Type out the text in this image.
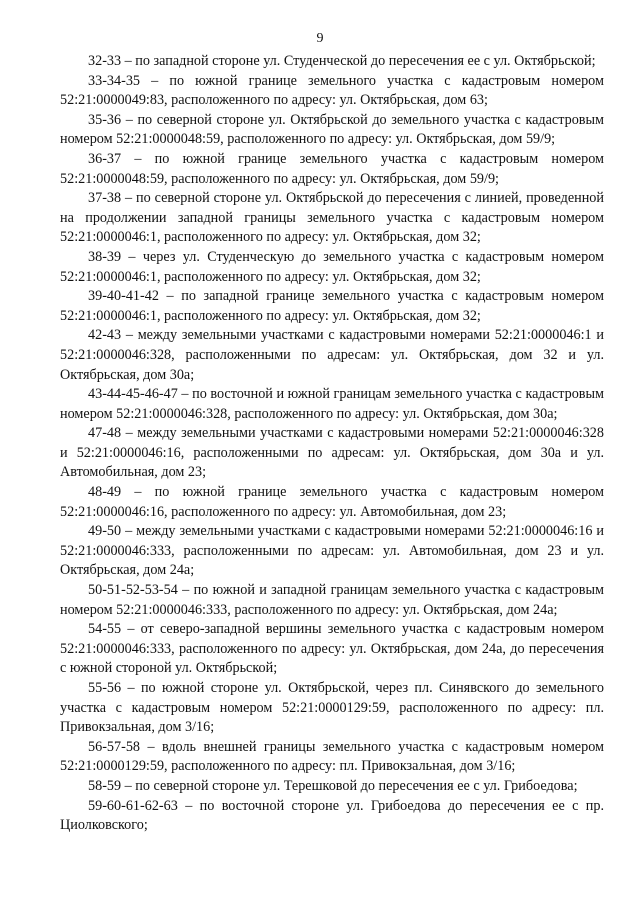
9

32-33 – по западной стороне ул. Студенческой до пересечения ее с ул. Октябрьской;

33-34-35 – по южной границе земельного участка с кадастровым номером 52:21:0000049:83, расположенного по адресу: ул. Октябрьская, дом 63;

35-36 – по северной стороне ул. Октябрьской до земельного участка с кадастровым номером 52:21:0000048:59, расположенного по адресу: ул. Октябрьская, дом 59/9;

36-37 – по южной границе земельного участка с кадастровым номером 52:21:0000048:59, расположенного по адресу: ул. Октябрьская, дом 59/9;

37-38 – по северной стороне ул. Октябрьской до пересечения с линией, проведенной на продолжении западной границы земельного участка с кадастровым номером 52:21:0000046:1, расположенного по адресу: ул. Октябрьская, дом 32;

38-39 – через ул. Студенческую до земельного участка с кадастровым номером 52:21:0000046:1, расположенного по адресу: ул. Октябрьская, дом 32;

39-40-41-42 – по западной границе земельного участка с кадастровым номером 52:21:0000046:1, расположенного по адресу: ул. Октябрьская, дом 32;

42-43 – между земельными участками с кадастровыми номерами 52:21:0000046:1 и 52:21:0000046:328, расположенными по адресам: ул. Октябрьская, дом 32 и ул. Октябрьская, дом 30а;

43-44-45-46-47 – по восточной и южной границам земельного участка с кадастровым номером 52:21:0000046:328, расположенного по адресу: ул. Октябрьская, дом 30а;

47-48 – между земельными участками с кадастровыми номерами 52:21:0000046:328 и 52:21:0000046:16, расположенными по адресам: ул. Октябрьская, дом 30а и ул. Автомобильная, дом 23;

48-49 – по южной границе земельного участка с кадастровым номером 52:21:0000046:16, расположенного по адресу: ул. Автомобильная, дом 23;

49-50 – между земельными участками с кадастровыми номерами 52:21:0000046:16 и 52:21:0000046:333, расположенными по адресам: ул. Автомобильная, дом 23 и ул. Октябрьская, дом 24а;

50-51-52-53-54 – по южной и западной границам земельного участка с кадастровым номером 52:21:0000046:333, расположенного по адресу: ул. Октябрьская, дом 24а;

54-55 – от северо-западной вершины земельного участка с кадастровым номером 52:21:0000046:333, расположенного по адресу: ул. Октябрьская, дом 24а, до пересечения с южной стороной ул. Октябрьской;

55-56 – по южной стороне ул. Октябрьской, через пл. Синявского до земельного участка с кадастровым номером 52:21:0000129:59, расположенного по адресу: пл. Привокзальная, дом 3/16;

56-57-58 – вдоль внешней границы земельного участка с кадастровым номером 52:21:0000129:59, расположенного по адресу: пл. Привокзальная, дом 3/16;

58-59 – по северной стороне ул. Терешковой до пересечения ее с ул. Грибоедова;

59-60-61-62-63 – по восточной стороне ул. Грибоедова до пересечения ее с пр. Циолковского;
